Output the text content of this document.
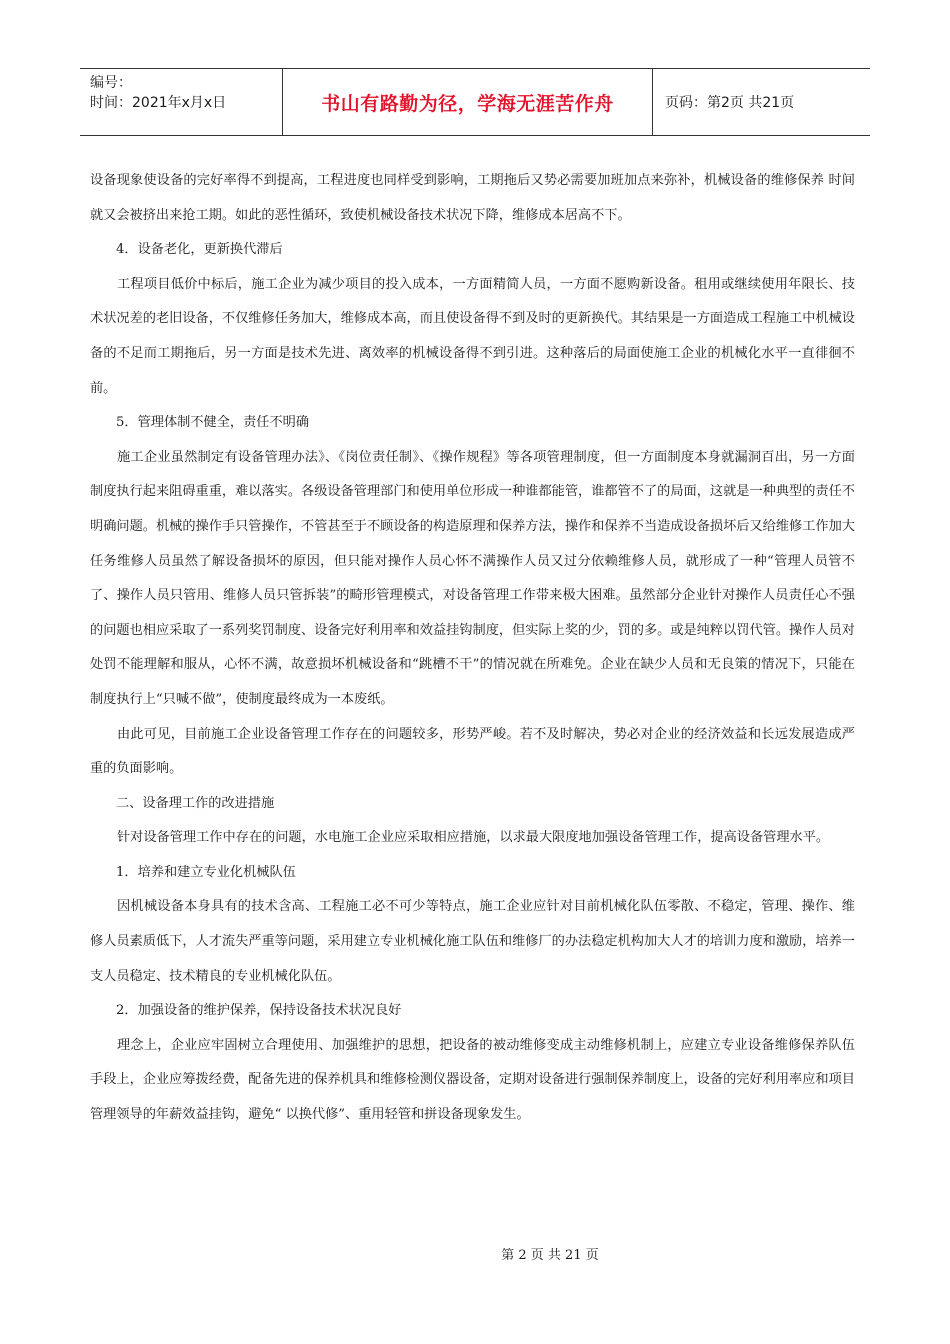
编号：
时间：2021年x月x日	书山有路勤为径，学海无涯苦作舟	页码：第2页 共21页

设备现象使设备的完好率得不到提高，工程进度也同样受到影响，工期拖后又势必需要加班加点来弥补，机械设备的维修保养 时间就又会被挤出来抢工期。如此的恶性循环，致使机械设备技术状况下降，维修成本居高不下。

4．设备老化，更新换代滞后

工程项目低价中标后，施工企业为减少项目的投入成本，一方面精简人员，一方面不愿购新设备。租用或继续使用年限长、技术状况差的老旧设备，不仅维修任务加大，维修成本高，而且使设备得不到及时的更新换代。其结果是一方面造成工程施工中机械设备的不足而工期拖后，另一方面是技术先进、离效率的机械设备得不到引进。这种落后的局面使施工企业的机械化水平一直徘徊不前。

5．管理体制不健全，责任不明确

施工企业虽然制定有设备管理办法》、《岗位责任制》、《操作规程》等各项管理制度，但一方面制度本身就漏洞百出，另一方面制度执行起来阻碍重重，难以落实。各级设备管理部门和使用单位形成一种谁都能管，谁都管不了的局面，这就是一种典型的责任不明确问题。机械的操作手只管操作，不管甚至于不顾设备的构造原理和保养方法，操作和保养不当造成设备损坏后又给维修工作加大任务维修人员虽然了解设备损坏的原因，但只能对操作人员心怀不满操作人员又过分依赖维修人员，就形成了一种“管理人员管不了、操作人员只管用、维修人员只管拆装”的畸形管理模式，对设备管理工作带来极大困难。虽然部分企业针对操作人员责任心不强的问题也相应采取了一系列奖罚制度、设备完好利用率和效益挂钩制度，但实际上奖的少，罚的多。或是纯粹以罚代管。操作人员对处罚不能理解和服从，心怀不满，故意损坏机械设备和“跳槽不干”的情况就在所难免。企业在缺少人员和无良策的情况下，只能在制度执行上“只喊不做”，使制度最终成为一本废纸。

由此可见，目前施工企业设备管理工作存在的问题较多，形势严峻。若不及时解决，势必对企业的经济效益和长远发展造成严重的负面影响。

二、设备理工作的改进措施

针对设备管理工作中存在的问题，水电施工企业应采取相应措施，以求最大限度地加强设备管理工作，提高设备管理水平。

1．培养和建立专业化机械队伍

因机械设备本身具有的技术含高、工程施工必不可少等特点，施工企业应针对目前机械化队伍零散、不稳定，管理、操作、维修人员素质低下，人才流失严重等问题，采用建立专业机械化施工队伍和维修厂的办法稳定机构加大人才的培训力度和激励，培养一支人员稳定、技术精良的专业机械化队伍。

2．加强设备的维护保养，保持设备技术状况良好

理念上，企业应牢固树立合理使用、加强维护的思想，把设备的被动维修变成主动维修机制上，应建立专业设备维修保养队伍手段上，企业应筹拨经费，配备先进的保养机具和维修检测仪器设备，定期对设备进行强制保养制度上，设备的完好利用率应和项目管理领导的年薪效益挂钩，避免“ 以换代修”、重用轻管和拼设备现象发生。

第 2 页 共 21 页
